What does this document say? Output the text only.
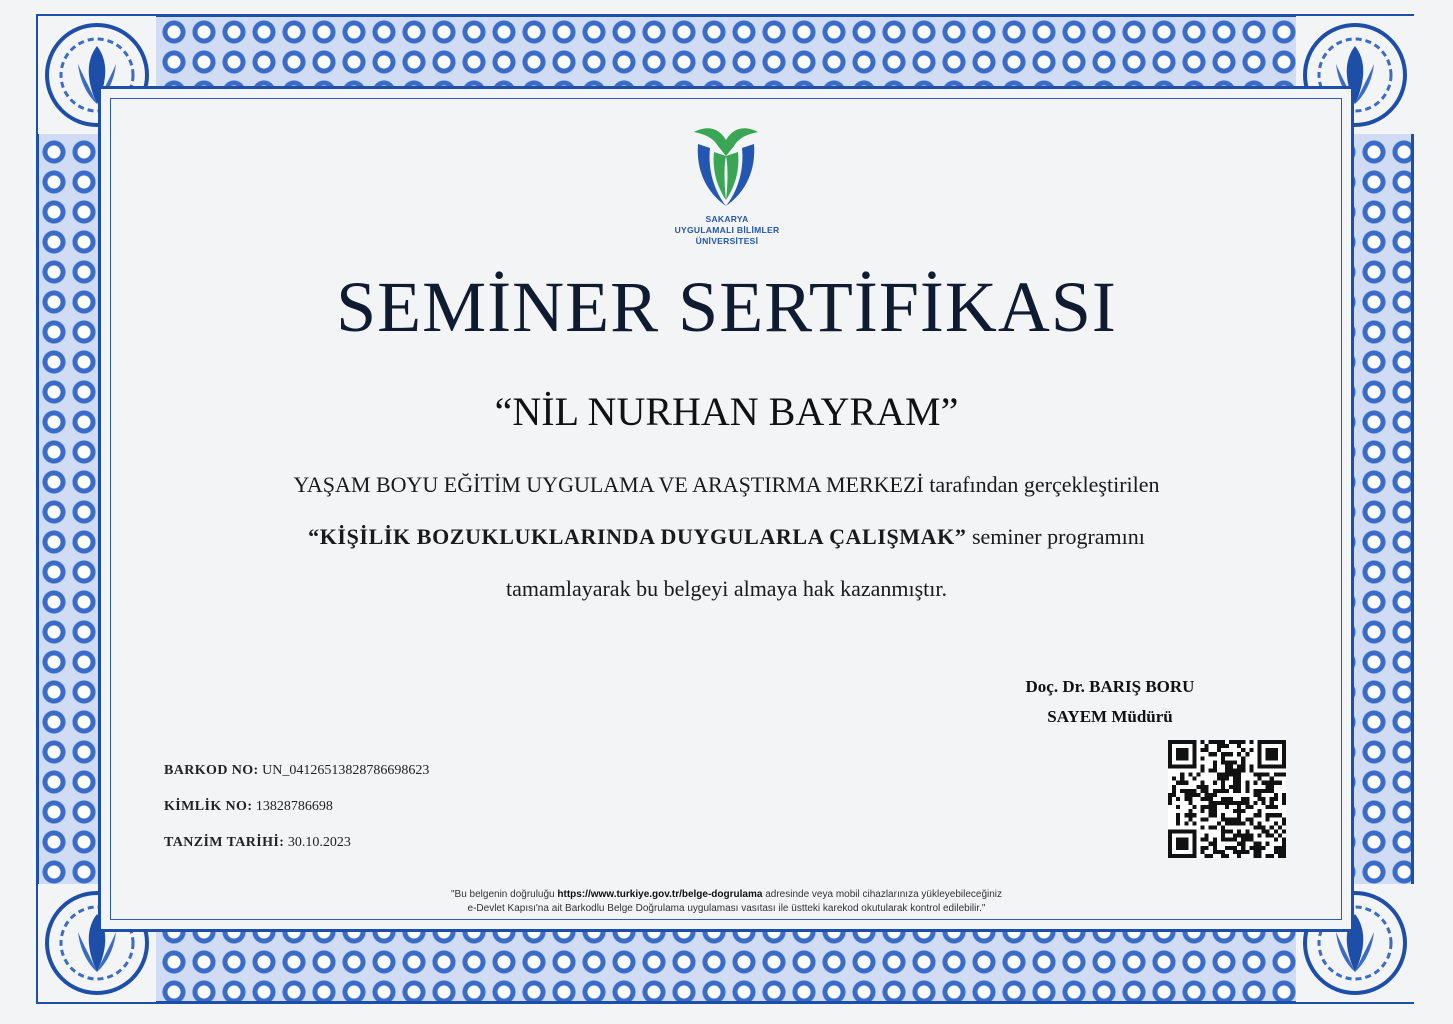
SAKARYA
UYGULAMALI BİLİMLER
ÜNİVERSİTESİ
SEMİNER SERTİFİKASI
“NİL NURHAN BAYRAM”
YAŞAM BOYU EĞİTİM UYGULAMA VE ARAŞTIRMA MERKEZİ tarafından gerçekleştirilen
“KİŞİLİK BOZUKLUKLARINDA DUYGULARLA ÇALIŞMAK” seminer programını
tamamlayarak bu belgeyi almaya hak kazanmıştır.
Doç. Dr. BARIŞ BORU
SAYEM Müdürü
BARKOD NO: UN_04126513828786698623
KİMLİK NO: 13828786698
TANZİM TARİHİ: 30.10.2023
"Bu belgenin doğruluğu https://www.turkiye.gov.tr/belge-dogrulama adresinde veya mobil cihazlarınıza yükleyebileceğiniz
e-Devlet Kapısı'na ait Barkodlu Belge Doğrulama uygulaması vasıtası ile üstteki karekod okutularak kontrol edilebilir."
